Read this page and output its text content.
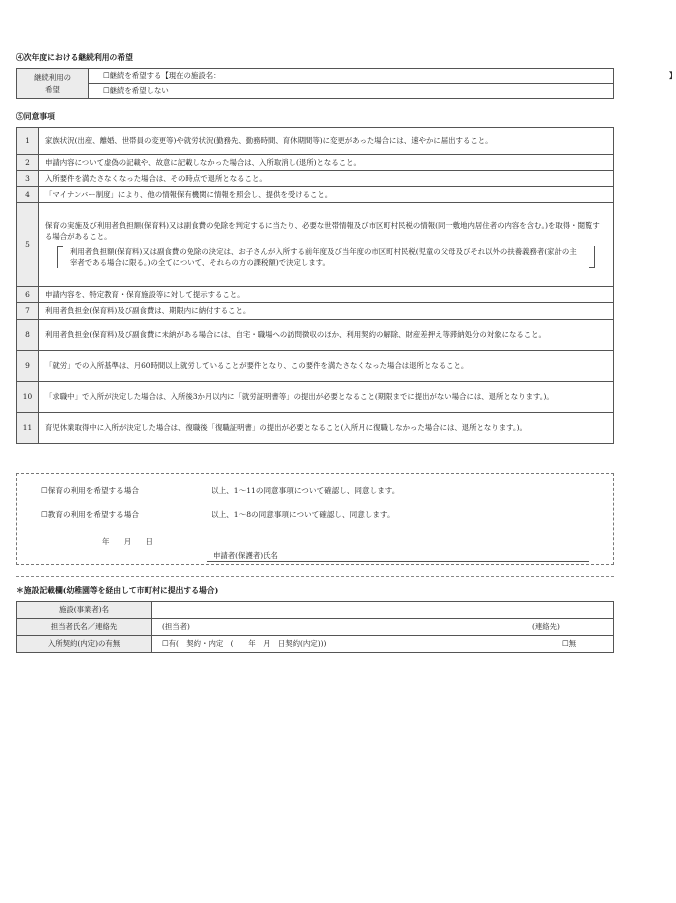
④次年度における継続利用の希望
継続利用の
希望
	☐継続を希望する【現在の施設名：	】

☐継続を希望しない
⑤同意事項
1	家族状況(出産、離婚、世帯員の変更等)や就労状況(勤務先、勤務時間、育休期間等)に変更があった場合には、速やかに届出すること。
2	申請内容について虚偽の記載や、故意に記載しなかった場合は、入所取消し(退所)となること。
3	入所要件を満たさなくなった場合は、その時点で退所となること。
4	「マイナンバー制度」により、他の情報保有機関に情報を照会し、提供を受けること。
5	保育の実施及び利用者負担額(保育料)又は副食費の免除を判定するに当たり、必要な世帯情報及び市区町村民税の情報(同一敷地内居住者の内容を含む。)を取得・閲覧する場合があること。
利用者負担額(保育料)又は副食費の免除の決定は、お子さんが入所する前年度及び当年度の市区町村民税(児童の父母及びそれ以外の扶養義務者(家計の主宰者である場合に限る。)の全てについて、それらの方の課税額)で決定します。

6	申請内容を、特定教育・保育施設等に対して提示すること。
7	利用者負担金(保育料)及び副食費は、期限内に納付すること。
8	利用者負担金(保育料)及び副食費に未納がある場合には、自宅・職場への訪問徴収のほか、利用契約の解除、財産差押え等滞納処分の対象になること。
9	「就労」での入所基準は、月60時間以上就労していることが要件となり、この要件を満たさなくなった場合は退所となること。
10	「求職中」で入所が決定した場合は、入所後3か月以内に「就労証明書等」の提出が必要となること(期限までに提出がない場合には、退所となります。)。
11	育児休業取得中に入所が決定した場合は、復職後「復職証明書」の提出が必要となること(入所月に復職しなかった場合には、退所となります。)。
☐保育の利用を希望する場合	以上、1〜11の同意事項について確認し、同意します。
☐教育の利用を希望する場合	以上、1〜8の同意事項について確認し、同意します。
年 月 日
申請者(保護者)氏名
＊施設記載欄(幼稚園等を経由して市町村に提出する場合)
施設(事業者)名	
担当者氏名／連絡先	(担当者) (連絡先)

入所契約(内定)の有無	☐有(　契約・内定　(　　年　月　日契約(内定))) ☐無
